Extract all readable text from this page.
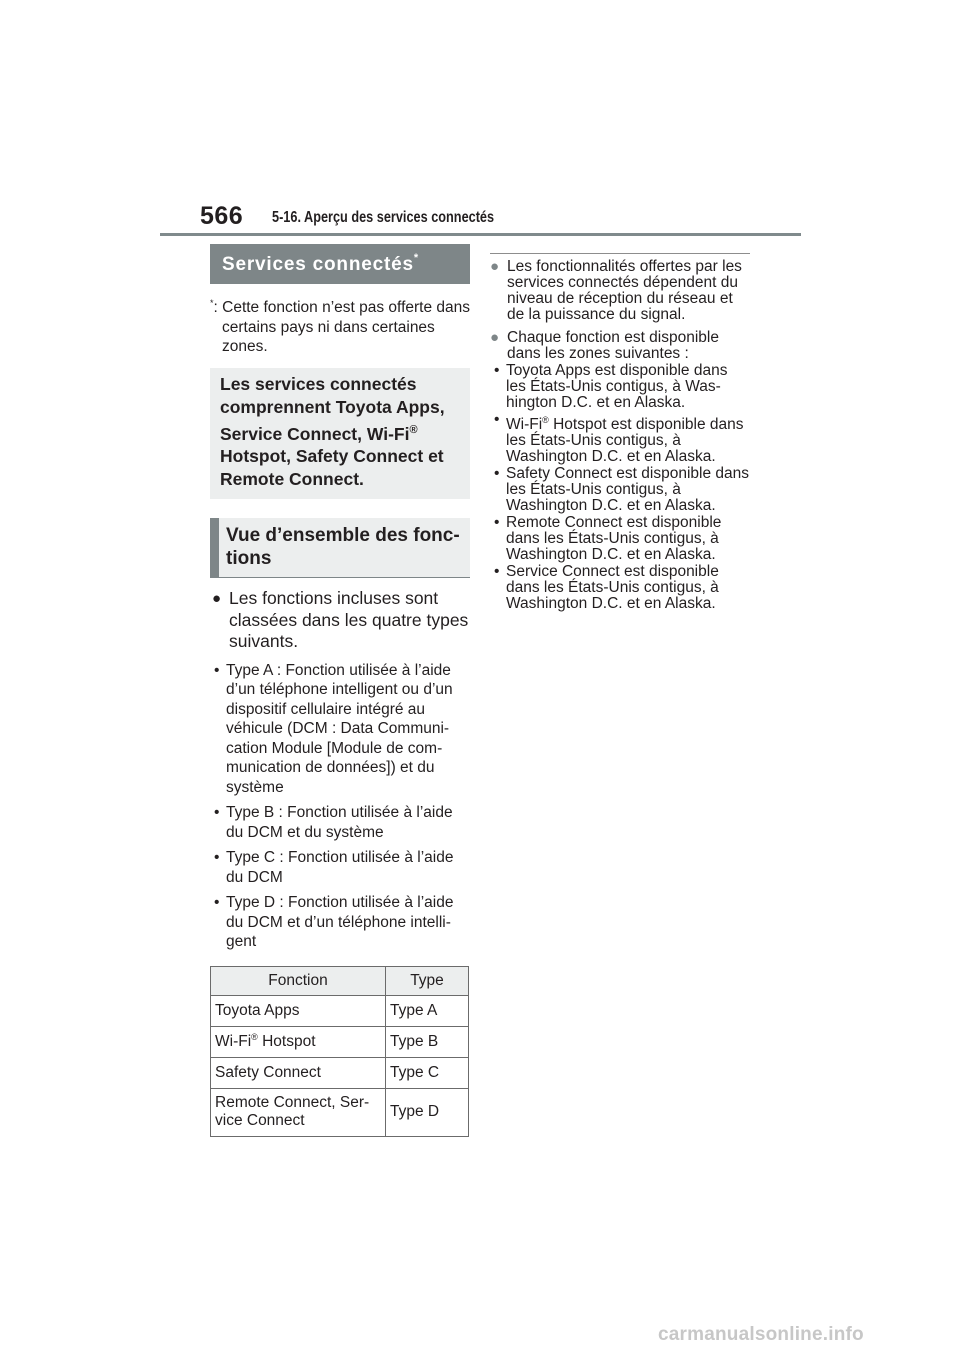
566 5-16. Aperçu des services connectés
Services connectés*
*: Cette fonction n’est pas offerte dans certains pays ni dans certaines zones.
Les services connectés comprennent Toyota Apps, Service Connect, Wi-Fi® Hotspot, Safety Connect et Remote Connect.
Vue d’ensemble des fonc- tions
● Les fonctions incluses sont classées dans les quatre types suivants.
• Type A : Fonction utilisée à l’aide d’un téléphone intelligent ou d’un dispositif cellulaire intégré au véhicule (DCM : Data Communi- cation Module [Module de com- munication de données]) et du système
• Type B : Fonction utilisée à l’aide du DCM et du système
• Type C : Fonction utilisée à l’aide du DCM
• Type D : Fonction utilisée à l’aide du DCM et d’un téléphone intelli- gent
Fonction	Type
Toyota Apps	Type A
Wi-Fi® Hotspot	Type B
Safety Connect	Type C
Remote Connect, Ser- vice Connect	Type D
● Les fonctionnalités offertes par les services connectés dépendent du niveau de réception du réseau et de la puissance du signal.
● Chaque fonction est disponible dans les zones suivantes :
• Toyota Apps est disponible dans les États-Unis contigus, à Was- hington D.C. et en Alaska.
• Wi-Fi® Hotspot est disponible dans les États-Unis contigus, à Washington D.C. et en Alaska.
• Safety Connect est disponible dans les États-Unis contigus, à Washington D.C. et en Alaska.
• Remote Connect est disponible dans les États-Unis contigus, à Washington D.C. et en Alaska.
• Service Connect est disponible dans les États-Unis contigus, à Washington D.C. et en Alaska.
carmanualsonline.info
